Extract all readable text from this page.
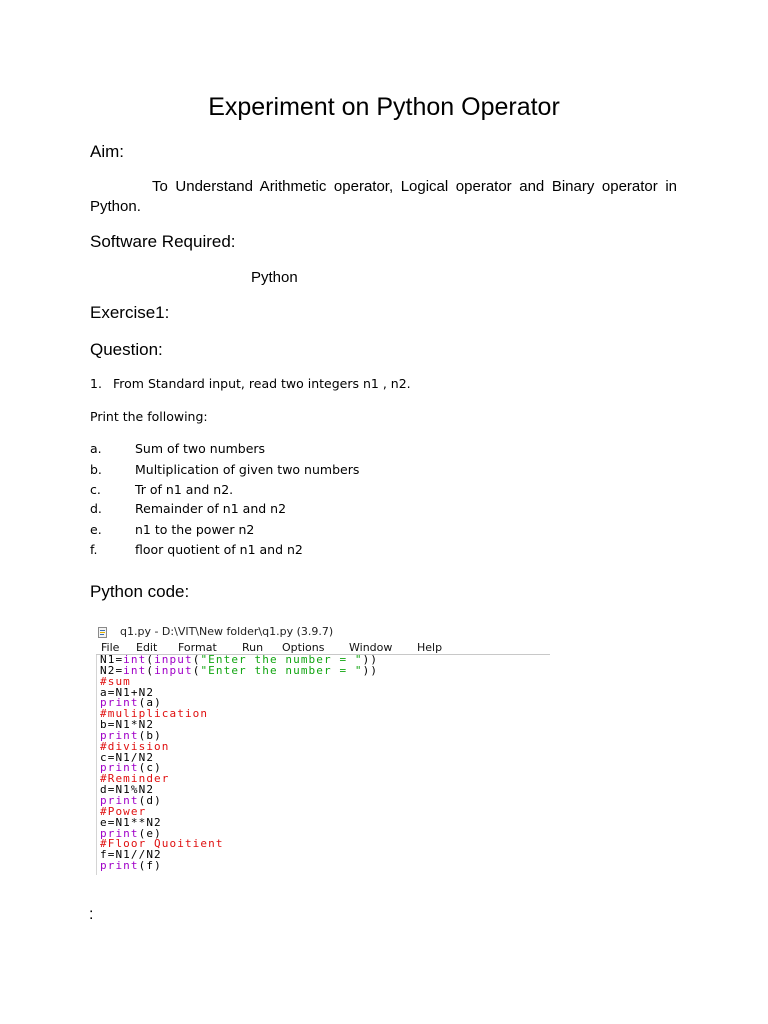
Experiment on Python Operator
Aim:
To Understand Arithmetic operator, Logical operator and Binary operator in Python.
Software Required:
Python
Exercise1:
Question:
1. From Standard input, read two integers n1 , n2.
Print the following:
a.	Sum of two numbers
b.	Multiplication of given two numbers
c.	Tr of n1 and n2.
d.	Remainder of n1 and n2
e.	n1 to the power n2
f.	floor quotient of n1 and n2
Python code:
q1.py - D:\VIT\New folder\q1.py (3.9.7)
File Edit Format Run Options Window Help
N1=int(input("Enter the number = "))
N2=int(input("Enter the number = "))
#sum
a=N1+N2
print(a)
#muliplication
b=N1*N2
print(b)
#division
c=N1/N2
print(c)
#Reminder
d=N1%N2
print(d)
#Power
e=N1**N2
print(e)
#Floor Quoitient
f=N1//N2
print(f)
:
